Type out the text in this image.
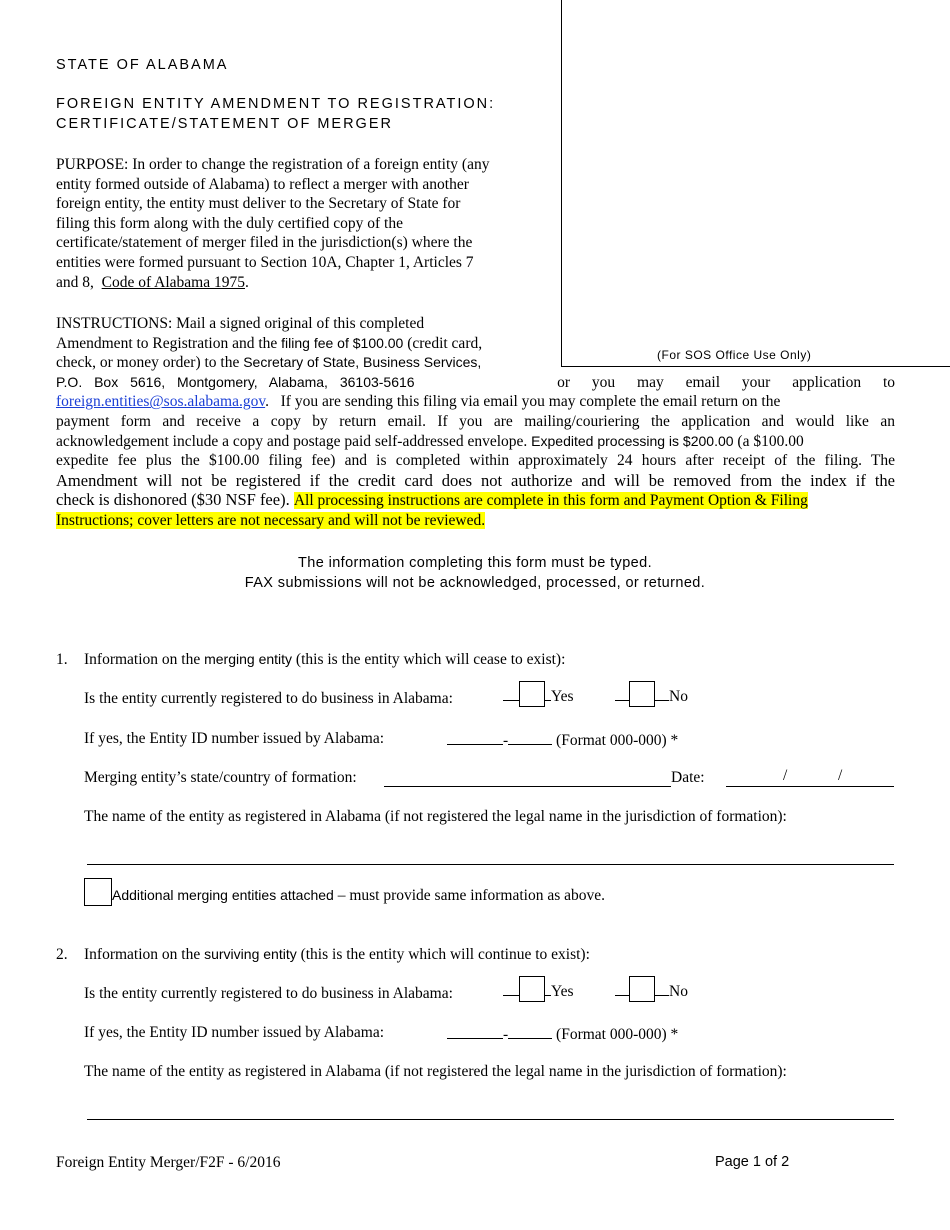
(For SOS Office Use Only)
STATE OF ALABAMA
FOREIGN ENTITY AMENDMENT TO REGISTRATION:
CERTIFICATE/STATEMENT OF MERGER
PURPOSE: In order to change the registration of a foreign entity (any
entity formed outside of Alabama) to reflect a merger with another
foreign entity, the entity must deliver to the Secretary of State for
filing this form along with the duly certified copy of the
certificate/statement of merger filed in the jurisdiction(s) where the
entities were formed pursuant to Section 10A, Chapter 1, Articles 7
and 8,  Code of Alabama 1975.
INSTRUCTIONS: Mail a signed original of this completed
Amendment to Registration and the filing fee of $100.00 (credit card,
check, or money order) to the Secretary of State, Business Services,
P.O. Box 5616, Montgomery, Alabama, 36103-5616	or you may email your application to
foreign.entities@sos.alabama.gov.   If you are sending this filing via email you may complete the email return on the
payment form and receive a copy by return email. If you are mailing/couriering the application and would like an
acknowledgement include a copy and postage paid self-addressed envelope. Expedited processing is $200.00 (a $100.00
expedite fee plus the $100.00 filing fee) and is completed within approximately 24 hours after receipt of the filing. The
Amendment will not be registered if the credit card does not authorize and will be removed from the index if the
check is dishonored ($30 NSF fee). All processing instructions are complete in this form and Payment Option & Filing
Instructions; cover letters are not necessary and will not be reviewed.
The information completing this form must be typed.
FAX submissions will not be acknowledged, processed, or returned.
1. Information on the merging entity (this is the entity which will cease to exist):
Is the entity currently registered to do business in Alabama:	Yes	No
If yes, the Entity ID number issued by Alabama:	-	(Format 000-000) *
Merging entity’s state/country of formation:	Date:	/	/
The name of the entity as registered in Alabama (if not registered the legal name in the jurisdiction of formation):
Additional merging entities attached – must provide same information as above.
2. Information on the surviving entity (this is the entity which will continue to exist):
Is the entity currently registered to do business in Alabama:	Yes	No
If yes, the Entity ID number issued by Alabama:	-	(Format 000-000) *
The name of the entity as registered in Alabama (if not registered the legal name in the jurisdiction of formation):
Foreign Entity Merger/F2F - 6/2016	Page 1 of 2
